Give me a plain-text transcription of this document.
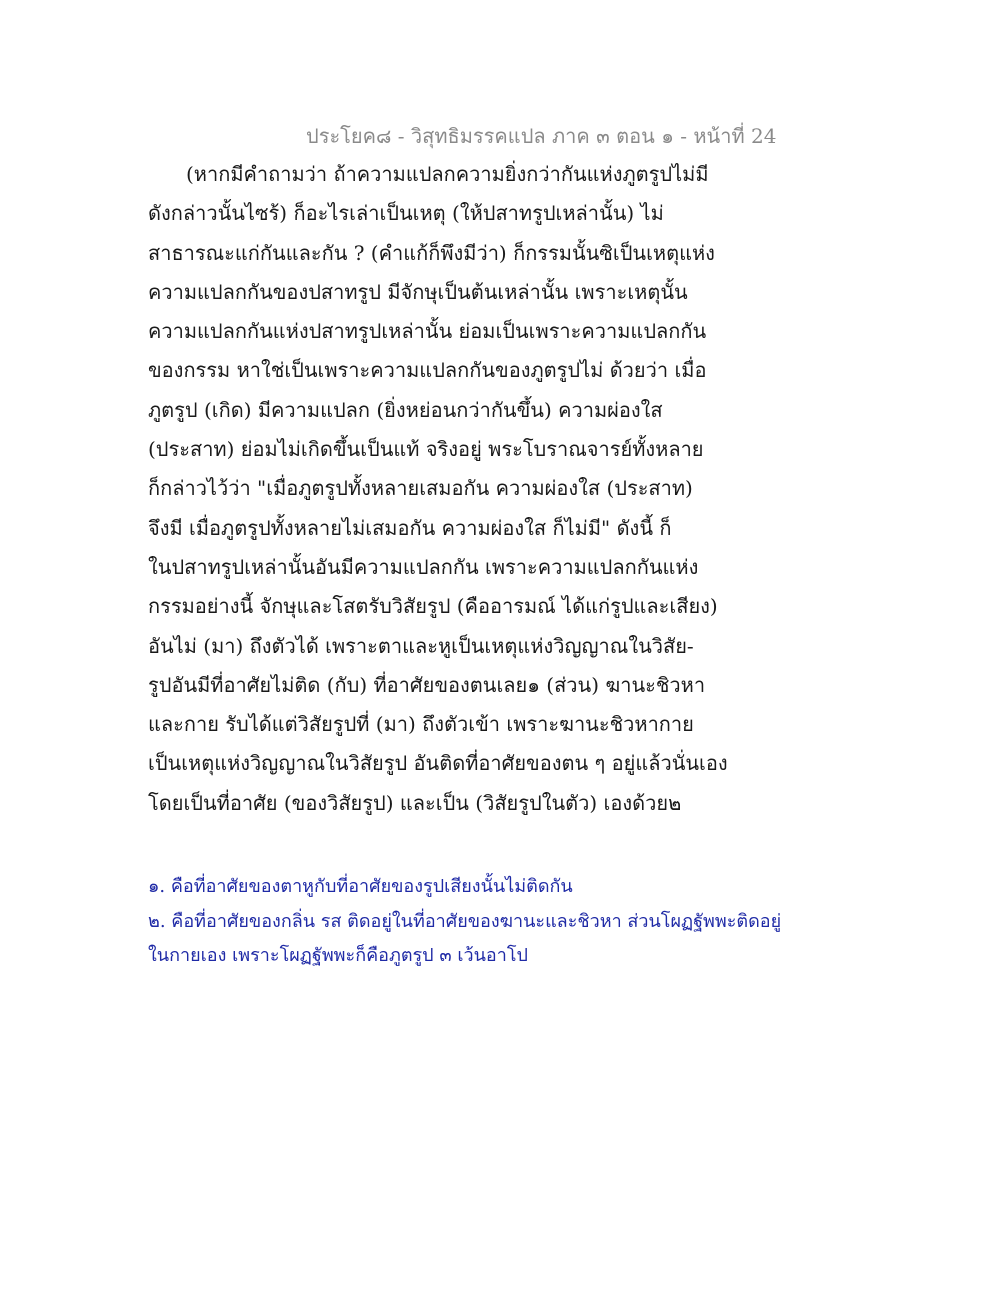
ประโยค๘ - วิสุทธิมรรคแปล ภาค ๓ ตอน ๑ - หน้าที่ 24
(หากมีคำถามว่า ถ้าความแปลกความยิ่งกว่ากันแห่งภูตรูปไม่มี
ดังกล่าวนั้นไซร้) ก็อะไรเล่าเป็นเหตุ (ให้ปสาทรูปเหล่านั้น) ไม่
สาธารณะแก่กันและกัน ? (คำแก้ก็พึงมีว่า) ก็กรรมนั้นซิเป็นเหตุแห่ง
ความแปลกกันของปสาทรูป มีจักษุเป็นต้นเหล่านั้น เพราะเหตุนั้น
ความแปลกกันแห่งปสาทรูปเหล่านั้น ย่อมเป็นเพราะความแปลกกัน
ของกรรม หาใช่เป็นเพราะความแปลกกันของภูตรูปไม่ ด้วยว่า เมื่อ
ภูตรูป (เกิด) มีความแปลก (ยิ่งหย่อนกว่ากันขึ้น) ความผ่องใส
(ประสาท) ย่อมไม่เกิดขึ้นเป็นแท้ จริงอยู่ พระโบราณจารย์ทั้งหลาย
ก็กล่าวไว้ว่า "เมื่อภูตรูปทั้งหลายเสมอกัน ความผ่องใส (ประสาท)
จึงมี เมื่อภูตรูปทั้งหลายไม่เสมอกัน ความผ่องใส ก็ไม่มี" ดังนี้ ก็
ในปสาทรูปเหล่านั้นอันมีความแปลกกัน เพราะความแปลกกันแห่ง
กรรมอย่างนี้ จักษุและโสตรับวิสัยรูป (คืออารมณ์ ได้แก่รูปและเสียง)
อันไม่ (มา) ถึงตัวได้ เพราะตาและหูเป็นเหตุแห่งวิญญาณในวิสัย-
รูปอันมีที่อาศัยไม่ติด (กับ) ที่อาศัยของตนเลย๑ (ส่วน) ฆานะชิวหา
และกาย รับได้แต่วิสัยรูปที่ (มา) ถึงตัวเข้า เพราะฆานะชิวหากาย
เป็นเหตุแห่งวิญญาณในวิสัยรูป อันติดที่อาศัยของตน ๆ อยู่แล้วนั่นเอง
โดยเป็นที่อาศัย (ของวิสัยรูป) และเป็น (วิสัยรูปในตัว) เองด้วย๒
๑. คือที่อาศัยของตาหูกับที่อาศัยของรูปเสียงนั้นไม่ติดกัน
๒. คือที่อาศัยของกลิ่น รส ติดอยู่ในที่อาศัยของฆานะและชิวหา ส่วนโผฏฐัพพะติดอยู่
ในกายเอง เพราะโผฏฐัพพะก็คือภูตรูป ๓ เว้นอาโป
